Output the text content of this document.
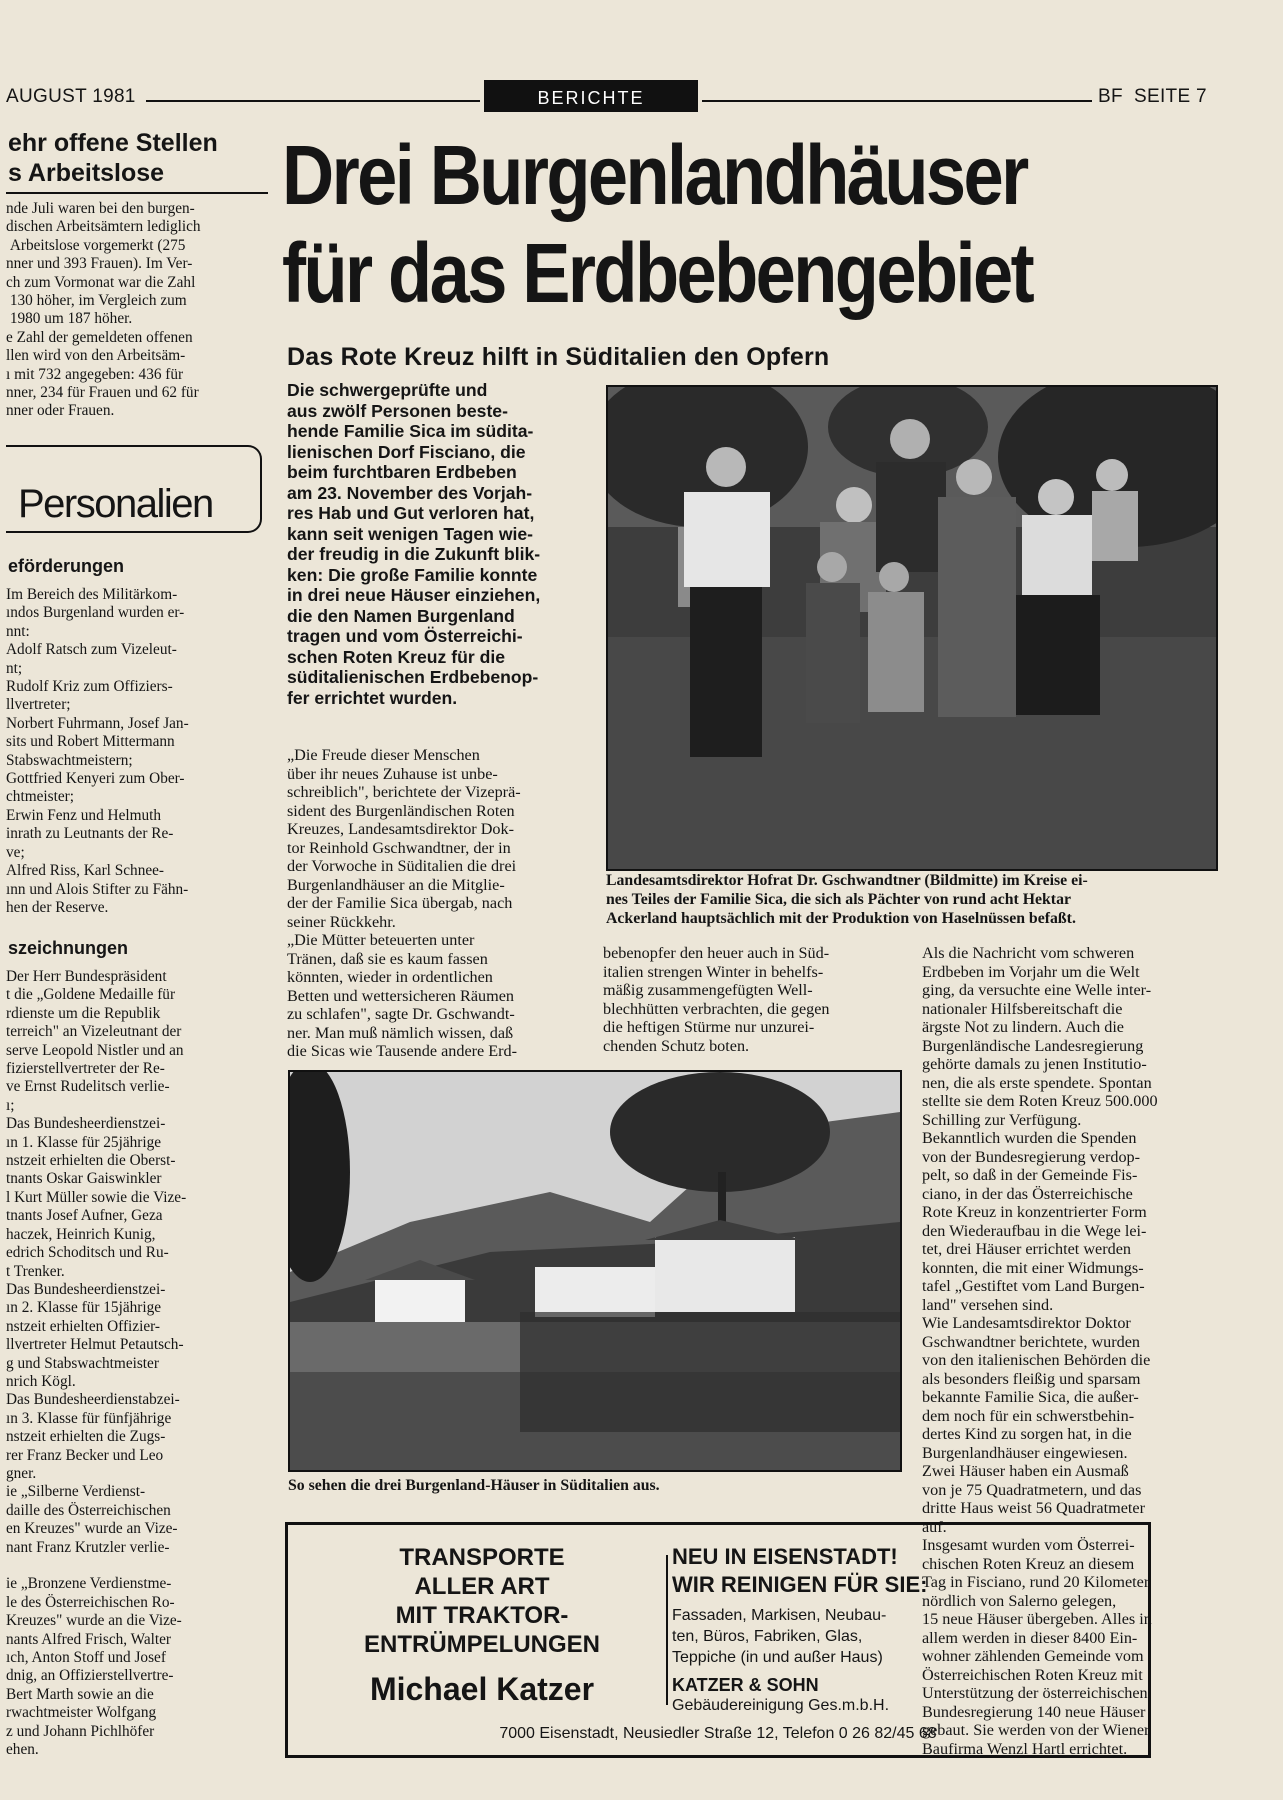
AUGUST 1981	BERICHTE	BF  SEITE 7
ehr offene Stellen
s Arbeitslose

nde Juli waren bei den burgen-

dischen Arbeitsämtern lediglich

Arbeitslose vorgemerkt (275

nner und 393 Frauen). Im Ver-

ch zum Vormonat war die Zahl

130 höher, im Vergleich zum

1980 um 187 höher.

e Zahl der gemeldeten offenen

llen wird von den Arbeitsäm-

ı mit 732 angegeben: 436 für

nner, 234 für Frauen und 62 für

nner oder Frauen.

Personalien
eförderungen

Im Bereich des Militärkom-

ındos Burgenland wurden er-

nnt:

Adolf Ratsch zum Vizeleut-

nt;

Rudolf Kriz zum Offiziers-

llvertreter;

Norbert Fuhrmann, Josef Jan-

sits und Robert Mittermann

Stabswachtmeistern;

Gottfried Kenyeri zum Ober-

chtmeister;

Erwin Fenz und Helmuth

inrath zu Leutnants der Re-

ve;

Alfred Riss, Karl Schnee-

ınn und Alois Stifter zu Fähn-

hen der Reserve.

szeichnungen

Der Herr Bundespräsident

t die „Goldene Medaille für

rdienste um die Republik

terreich" an Vizeleutnant der

serve Leopold Nistler und an

fizierstellvertreter der Re-

ve Ernst Rudelitsch verlie-

ı;

Das Bundesheerdienstzei-

ın 1. Klasse für 25jährige

nstzeit erhielten die Oberst-

tnants Oskar Gaiswinkler

l Kurt Müller sowie die Vize-

tnants Josef Aufner, Geza

haczek, Heinrich Kunig,

edrich Schoditsch und Ru-

t Trenker.

Das Bundesheerdienstzei-

ın 2. Klasse für 15jährige

nstzeit erhielten Offizier-

llvertreter Helmut Petautsch-

g und Stabswachtmeister

nrich Kögl.

Das Bundesheerdienstabzei-

ın 3. Klasse für fünfjährige

nstzeit erhielten die Zugs-

rer Franz Becker und Leo

gner.

ie „Silberne Verdienst-

daille des Österreichischen

en Kreuzes" wurde an Vize-

nant Franz Krutzler verlie-

ie „Bronzene Verdienstme-

le des Österreichischen Ro-

Kreuzes" wurde an die Vize-

nants Alfred Frisch, Walter

ıch, Anton Stoff und Josef

dnig, an Offizierstellvertre-

Bert Marth sowie an die

rwachtmeister Wolfgang

z und Johann Pichlhöfer

ehen.

Drei Burgenlandhäuser
für das Erdbebengebiet
Das Rote Kreuz hilft in Süditalien den Opfern

Die schwergeprüfte und

aus zwölf Personen beste-

hende Familie Sica im südita-

lienischen Dorf Fisciano, die

beim furchtbaren Erdbeben

am 23. November des Vorjah-

res Hab und Gut verloren hat,

kann seit wenigen Tagen wie-

der freudig in die Zukunft blik-

ken: Die große Familie konnte

in drei neue Häuser einziehen,

die den Namen Burgenland

tragen und vom Österreichi-

schen Roten Kreuz für die

süditalienischen Erdbebenop-

fer errichtet wurden.

Landesamtsdirektor Hofrat Dr. Gschwandtner (Bildmitte) im Kreise ei-
nes Teiles der Familie Sica, die sich als Pächter von rund acht Hektar
Ackerland hauptsächlich mit der Produktion von Haselnüssen befaßt.

„Die Freude dieser Menschen

über ihr neues Zuhause ist unbe-

schreiblich", berichtete der Vizeprä-

sident des Burgenländischen Roten

Kreuzes, Landesamtsdirektor Dok-

tor Reinhold Gschwandtner, der in

der Vorwoche in Süditalien die drei

Burgenlandhäuser an die Mitglie-

der der Familie Sica übergab, nach

seiner Rückkehr.

„Die Mütter beteuerten unter

Tränen, daß sie es kaum fassen

könnten, wieder in ordentlichen

Betten und wettersicheren Räumen

zu schlafen", sagte Dr. Gschwandt-

ner. Man muß nämlich wissen, daß

die Sicas wie Tausende andere Erd-

bebenopfer den heuer auch in Süd-

italien strengen Winter in behelfs-

mäßig zusammengefügten Well-

blechhütten verbrachten, die gegen

die heftigen Stürme nur unzurei-

chenden Schutz boten.

Als die Nachricht vom schweren

Erdbeben im Vorjahr um die Welt

ging, da versuchte eine Welle inter-

nationaler Hilfsbereitschaft die

ärgste Not zu lindern. Auch die

Burgenländische Landesregierung

gehörte damals zu jenen Institutio-

nen, die als erste spendete. Spontan

stellte sie dem Roten Kreuz 500.000

Schilling zur Verfügung.

Bekanntlich wurden die Spenden

von der Bundesregierung verdop-

pelt, so daß in der Gemeinde Fis-

ciano, in der das Österreichische

Rote Kreuz in konzentrierter Form

den Wiederaufbau in die Wege lei-

tet, drei Häuser errichtet werden

konnten, die mit einer Widmungs-

tafel „Gestiftet vom Land Burgen-

land" versehen sind.

Wie Landesamtsdirektor Doktor

Gschwandtner berichtete, wurden

von den italienischen Behörden die

als besonders fleißig und sparsam

bekannte Familie Sica, die außer-

dem noch für ein schwerstbehin-

dertes Kind zu sorgen hat, in die

Burgenlandhäuser eingewiesen.

Zwei Häuser haben ein Ausmaß

von je 75 Quadratmetern, und das

dritte Haus weist 56 Quadratmeter

auf.

Insgesamt wurden vom Österrei-

chischen Roten Kreuz an diesem

Tag in Fisciano, rund 20 Kilometer

nördlich von Salerno gelegen,

15 neue Häuser übergeben. Alles in

allem werden in dieser 8400 Ein-

wohner zählenden Gemeinde vom

Österreichischen Roten Kreuz mit

Unterstützung der österreichischen

Bundesregierung 140 neue Häuser

gebaut. Sie werden von der Wiener

Baufirma Wenzl Hartl errichtet.

So sehen die drei Burgenland-Häuser in Süditalien aus.
TRANSPORTE
ALLER ART
MIT TRAKTOR-
ENTRÜMPELUNGEN
Michael Katzer
NEU IN EISENSTADT!
WIR REINIGEN FÜR SIE:
Fassaden, Markisen, Neubau-
ten, Büros, Fabriken, Glas,
Teppiche (in und außer Haus)
KATZER & SOHN
Gebäudereinigung Ges.m.b.H.
7000 Eisenstadt, Neusiedler Straße 12, Telefon 0 26 82/45 68
